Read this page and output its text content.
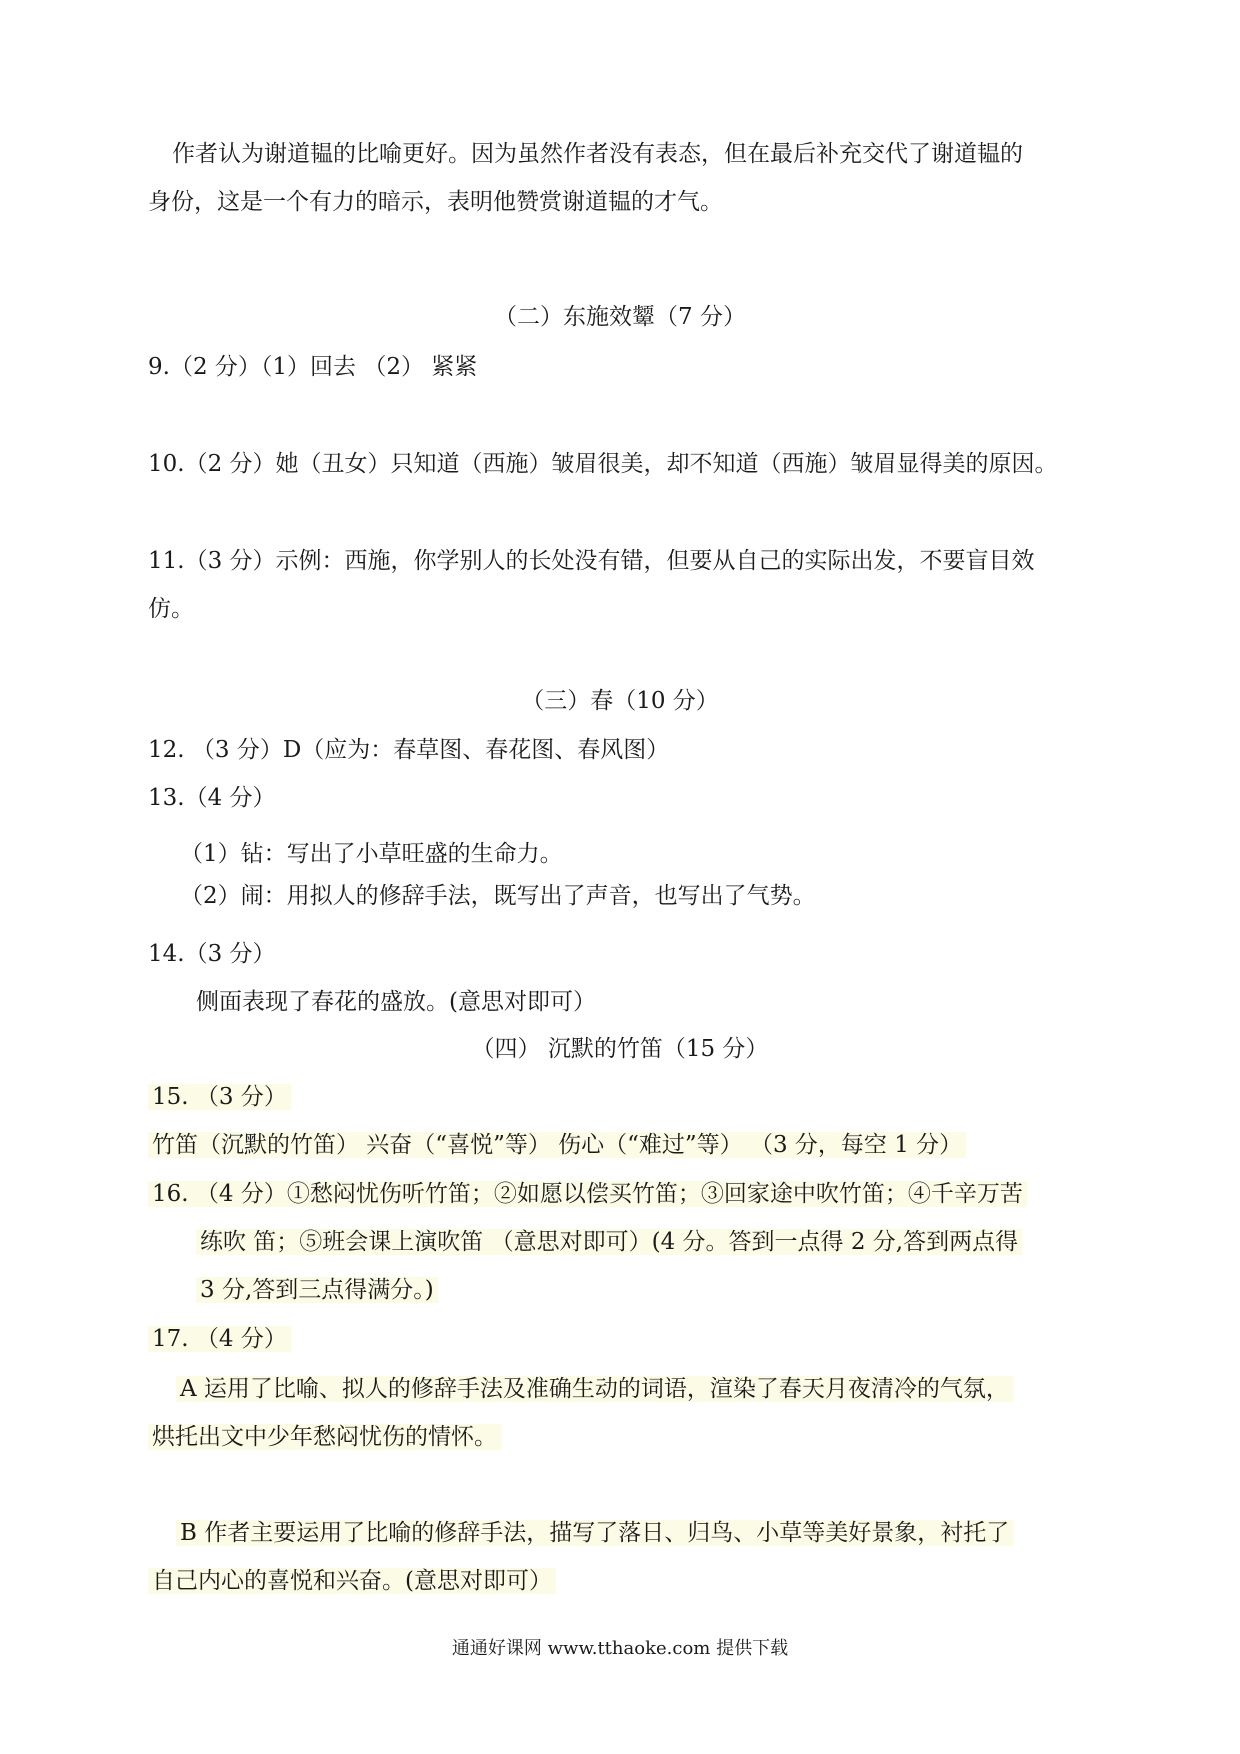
作者认为谢道韫的比喻更好。因为虽然作者没有表态，但在最后补充交代了谢道韫的
身份，这是一个有力的暗示，表明他赞赏谢道韫的才气。
（二）东施效颦（7 分）
9.（2 分）（1）回去 （2） 紧紧
10.（2 分）她（丑女）只知道（西施）皱眉很美，却不知道（西施）皱眉显得美的原因。
11.（3 分）示例：西施，你学别人的长处没有错，但要从自己的实际出发，不要盲目效
仿。
（三）春（10 分）
12. （3 分）D（应为：春草图、春花图、春风图）
13.（4 分）
（1）钻：写出了小草旺盛的生命力。
（2）闹：用拟人的修辞手法，既写出了声音，也写出了气势。
14.（3 分）
侧面表现了春花的盛放。(意思对即可）
（四） 沉默的竹笛（15 分）
15. （3 分）
竹笛（沉默的竹笛） 兴奋（“喜悦”等） 伤心（“难过”等） （3 分，每空 1 分）
16. （4 分）①愁闷忧伤听竹笛；②如愿以偿买竹笛；③回家途中吹竹笛；④千辛万苦
练吹 笛；⑤班会课上演吹笛 （意思对即可）(4 分。答到一点得 2 分,答到两点得
3 分,答到三点得满分。)
17. （4 分）
A 运用了比喻、拟人的修辞手法及准确生动的词语，渲染了春天月夜清冷的气氛，
烘托出文中少年愁闷忧伤的情怀。
B 作者主要运用了比喻的修辞手法，描写了落日、归鸟、小草等美好景象，衬托了
自己内心的喜悦和兴奋。(意思对即可）
通通好课网 www.tthaoke.com 提供下载
